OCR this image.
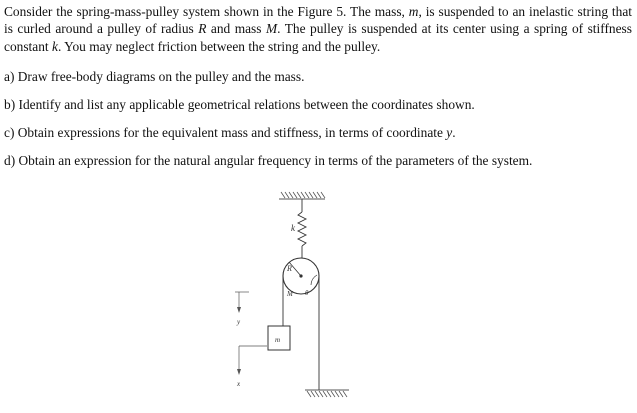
Consider the spring-mass-pulley system shown in the Figure 5. The mass, m, is suspended to an inelastic string that is curled around a pulley of radius R and mass M. The pulley is suspended at its center using a spring of stiffness constant k. You may neglect friction between the string and the pulley.

a) Draw free-body diagrams on the pulley and the mass.

b) Identify and list any applicable geometrical relations between the coordinates shown.

c) Obtain expressions for the equivalent mass and stiffness, in terms of coordinate y.

d) Obtain an expression for the natural angular frequency in terms of the parameters of the system.

k
R
M θ
m
y
x
